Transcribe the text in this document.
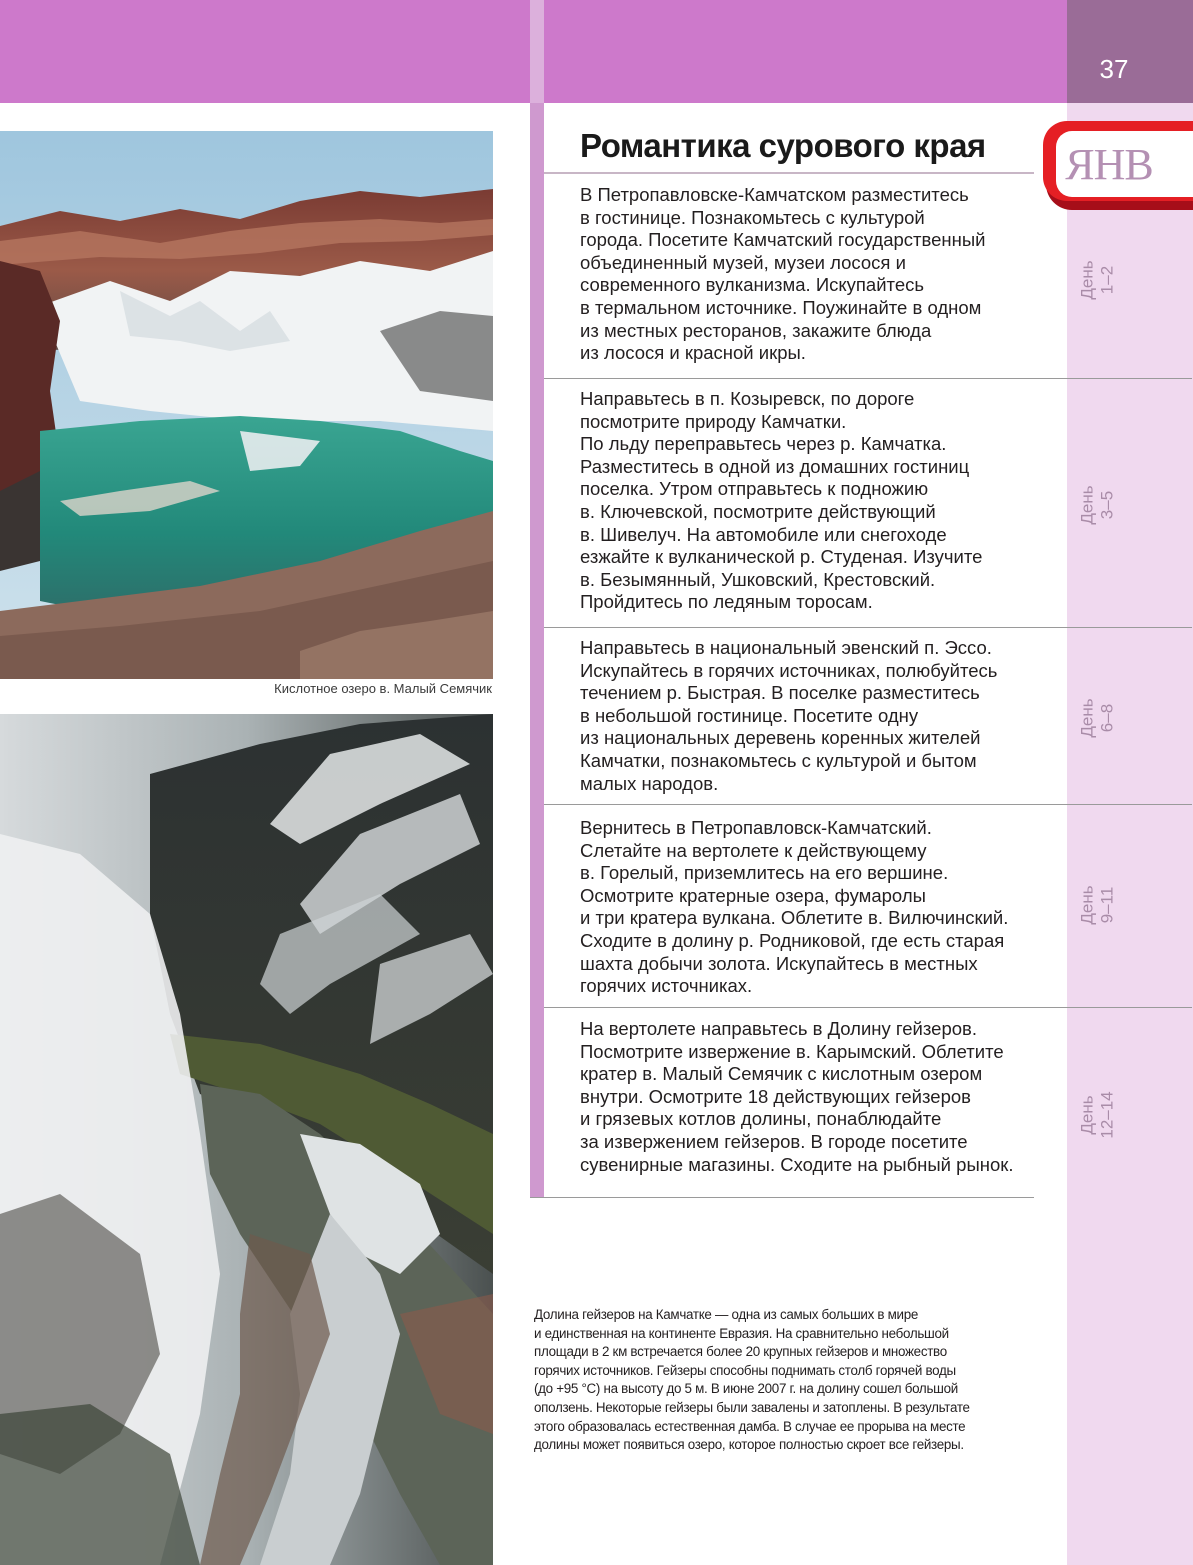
37
ЯНВ
Кислотное озеро в. Малый Семячик
Романтика сурового края

В Петропавловске-Камчатском разместитесь
в гостинице. Познакомьтесь с культурой
города. Посетите Камчатский государственный
объединенный музей, музеи лосося и
современного вулканизма. Искупайтесь
в термальном источнике. Поужинайте в одном
из местных ресторанов, закажите блюда
из лосося и красной икры.

День 1–2

Направьтесь в п. Козыревск, по дороге
посмотрите природу Камчатки.
По льду переправьтесь через р. Камчатка.
Разместитесь в одной из домашних гостиниц
поселка. Утром отправьтесь к подножию
в. Ключевской, посмотрите действующий
в. Шивелуч. На автомобиле или снегоходе
езжайте к вулканической р. Студеная. Изучите
в. Безымянный, Ушковский, Крестовский.
Пройдитесь по ледяным торосам.

День 3–5

Направьтесь в национальный эвенский п. Эссо.
Искупайтесь в горячих источниках, полюбуйтесь
течением р. Быстрая. В поселке разместитесь
в небольшой гостинице. Посетите одну
из национальных деревень коренных жителей
Камчатки, познакомьтесь с культурой и бытом
малых народов.

День 6–8

Вернитесь в Петропавловск-Камчатский.
Слетайте на вертолете к действующему
в. Горелый, приземлитесь на его вершине.
Осмотрите кратерные озера, фумаролы
и три кратера вулкана. Облетите в. Вилючинский.
Сходите в долину р. Родниковой, где есть старая
шахта добычи золота. Искупайтесь в местных
горячих источниках.

День 9–11

На вертолете направьтесь в Долину гейзеров.
Посмотрите извержение в. Карымский. Облетите
кратер в. Малый Семячик с кислотным озером
внутри. Осмотрите 18 действующих гейзеров
и грязевых котлов долины, понаблюдайте
за извержением гейзеров. В городе посетите
сувенирные магазины. Сходите на рыбный рынок.

День 12–14

Долина гейзеров на Камчатке — одна из самых больших в мире
и единственная на континенте Евразия. На сравнительно небольшой
площади в 2 км встречается более 20 крупных гейзеров и множество
горячих источников. Гейзеры способны поднимать столб горячей воды
(до +95 °С) на высоту до 5 м. В июне 2007 г. на долину сошел большой
оползень. Некоторые гейзеры были завалены и затоплены. В результате
этого образовалась естественная дамба. В случае ее прорыва на месте
долины может появиться озеро, которое полностью скроет все гейзеры.
